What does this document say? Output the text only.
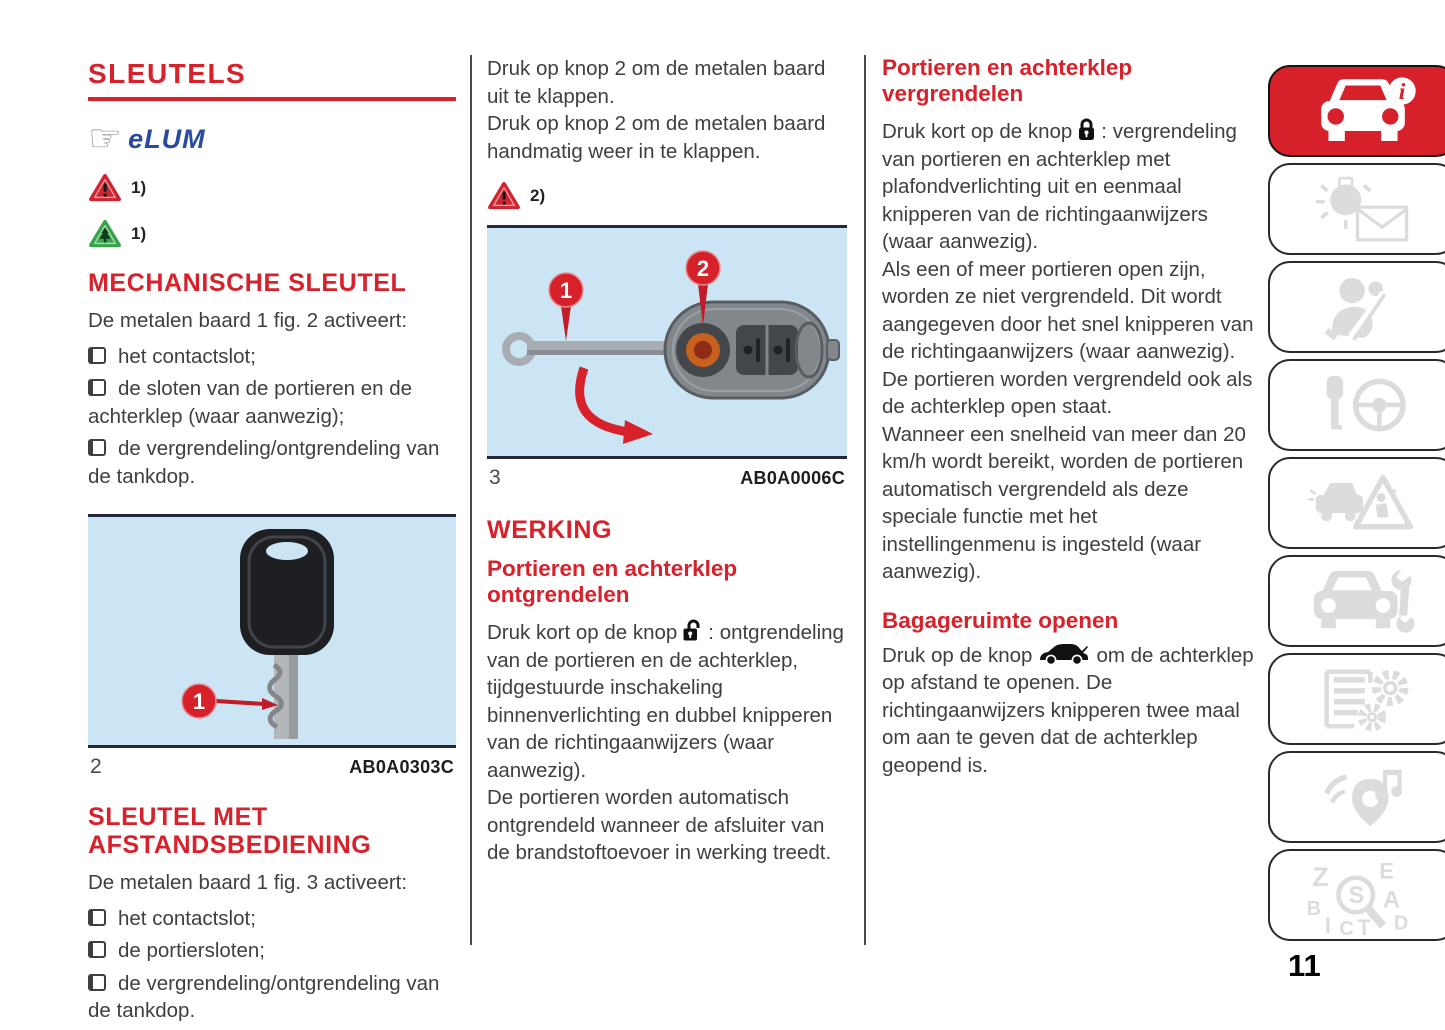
SLEUTELS
☞ eLUM
1)
1)
MECHANISCHE SLEUTEL

De metalen baard 1 fig. 2 activeert:

het contactslot;
de sloten van de portieren en de achterklep (waar aanwezig);
de vergrendeling/ontgrendeling van de tankdop.
1
2	AB0A0303C
SLEUTEL MET AFSTANDSBEDIENING

De metalen baard 1 fig. 3 activeert:

het contactslot;
de portiersloten;
de vergrendeling/ontgrendeling van de tankdop.

Druk op knop 2 om de metalen baard uit te klappen.

Druk op knop 2 om de metalen baard handmatig weer in te klappen.

2)
1
2
3	AB0A0006C
WERKING
Portieren en achterklep ontgrendelen

Druk kort op de knop : ontgrendeling van de portieren en de achterklep, tijdgestuurde inschakeling binnenverlichting en dubbel knipperen van de richtingaanwijzers (waar aanwezig).

De portieren worden automatisch ontgrendeld wanneer de afsluiter van de brandstoftoevoer in werking treedt.

Portieren en achterklep vergrendelen

Druk kort op de knop : vergrendeling van portieren en achterklep met plafondverlichting uit en eenmaal knipperen van de richtingaanwijzers (waar aanwezig).

Als een of meer portieren open zijn, worden ze niet vergrendeld. Dit wordt aangegeven door het snel knipperen van de richtingaanwijzers (waar aanwezig). De portieren worden vergrendeld ook als de achterklep open staat.

Wanneer een snelheid van meer dan 20 km/h wordt bereikt, worden de portieren automatisch vergrendeld als deze speciale functie met het instellingenmenu is ingesteld (waar aanwezig).

Bagageruimte openen

Druk op de knop	om de achterklep op afstand te openen. De richtingaanwijzers knipperen twee maal om aan te geven dat de achterklep geopend is.

i
Z E
B A
D
I C T
S
11
